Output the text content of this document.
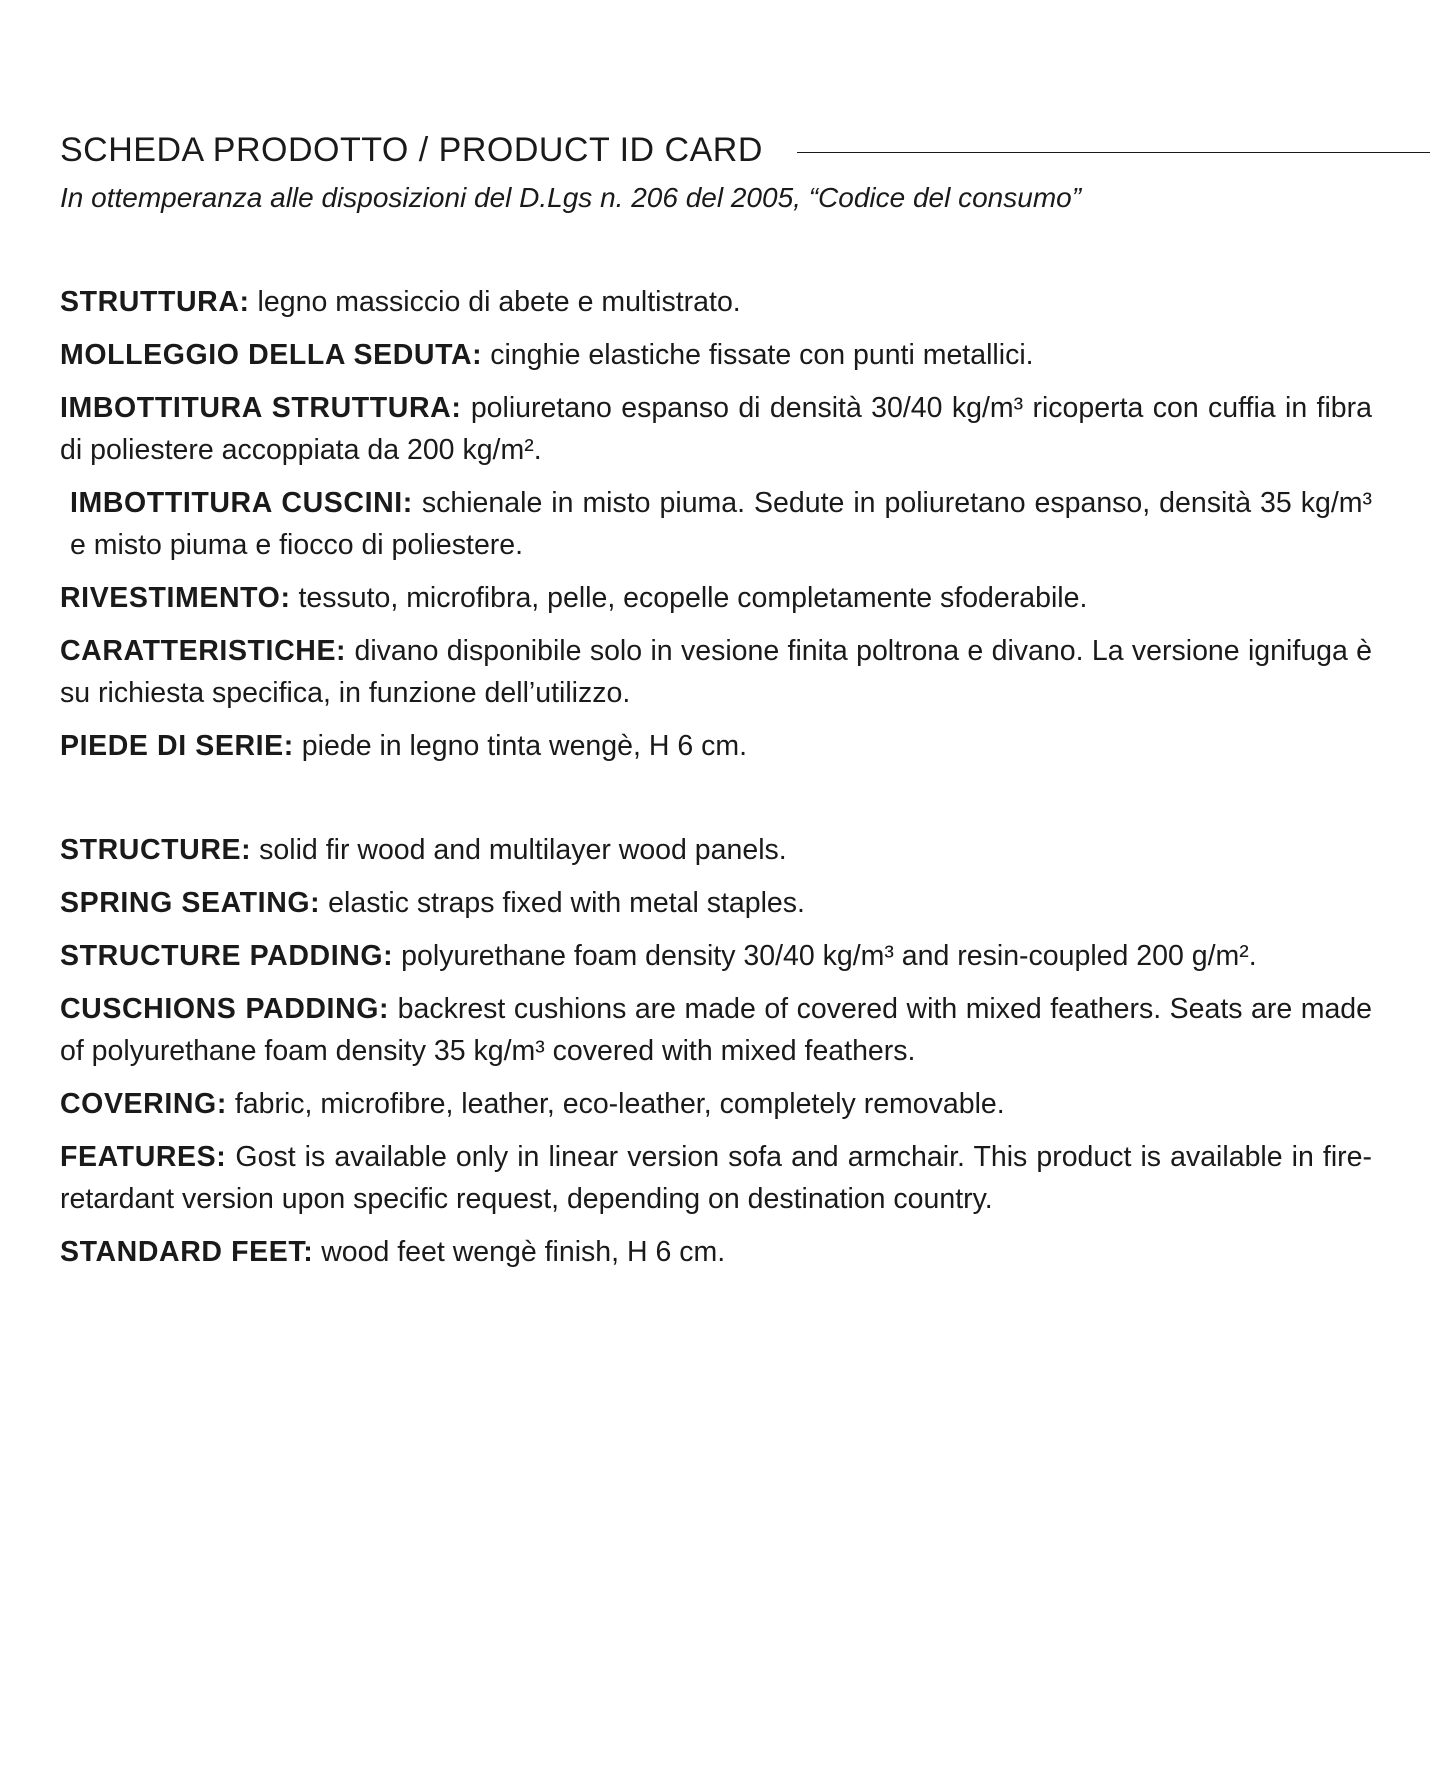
SCHEDA PRODOTTO / PRODUCT ID CARD
In ottemperanza alle disposizioni del D.Lgs n. 206 del 2005, “Codice del consumo”

STRUTTURA: legno massiccio di abete e multistrato.

MOLLEGGIO DELLA SEDUTA: cinghie elastiche fissate con punti metallici.

IMBOTTITURA STRUTTURA: poliuretano espanso di densità 30/40 kg/m³ ricoperta con cuffia in fibra di poliestere accoppiata da 200 kg/m².

IMBOTTITURA CUSCINI: schienale in misto piuma. Sedute in poliuretano espanso, densità 35 kg/m³ e misto piuma e fiocco di poliestere.

RIVESTIMENTO: tessuto, microfibra, pelle, ecopelle completamente sfoderabile.

CARATTERISTICHE: divano disponibile solo in vesione finita poltrona e divano. La versione ignifuga è su richiesta specifica, in funzione dell’utilizzo.

PIEDE DI SERIE: piede in legno tinta wengè, H 6 cm.

STRUCTURE: solid fir wood and multilayer wood panels.

SPRING SEATING: elastic straps fixed with metal staples.

STRUCTURE PADDING: polyurethane foam density 30/40 kg/m³ and resin-coupled 200 g/m².

CUSCHIONS PADDING: backrest cushions are made of covered with mixed feathers. Seats are made of polyurethane foam density 35 kg/m³ covered with mixed feathers.

COVERING: fabric, microfibre, leather, eco-leather, completely removable.

FEATURES: Gost is available only in linear version sofa and armchair. This product is available in fire-retardant version upon specific request, depending on destination country.

STANDARD FEET: wood feet wengè finish, H 6 cm.
